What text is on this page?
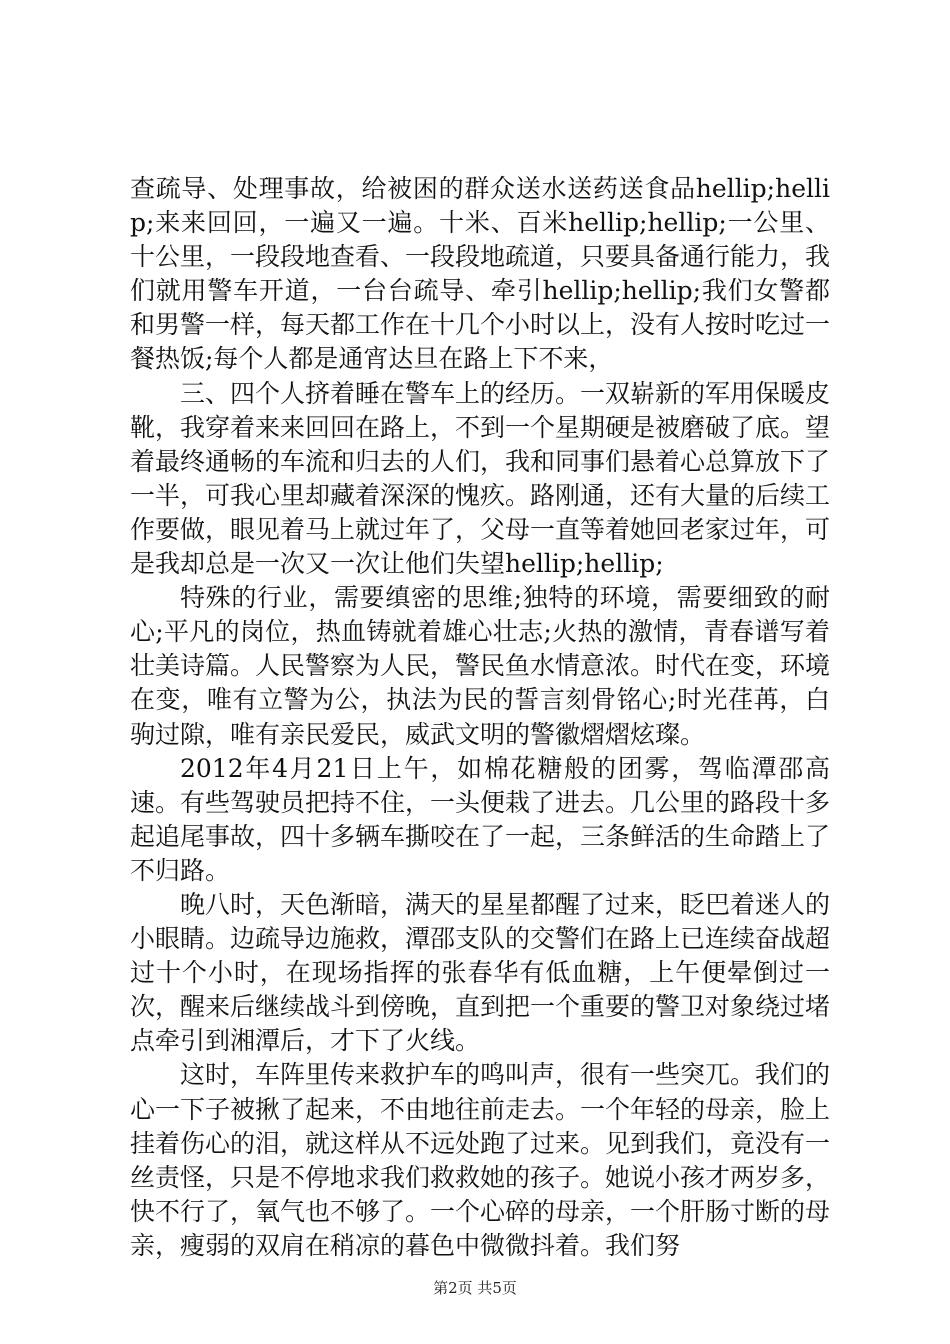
查疏导、处理事故，给被困的群众送水送药送食品hellip;hellip;来来回回，一遍又一遍。十米、百米hellip;hellip;一公里、十公里，一段段地查看、一段段地疏道，只要具备通行能力，我们就用警车开道，一台台疏导、牵引hellip;hellip;我们女警都和男警一样，每天都工作在十几个小时以上，没有人按时吃过一餐热饭;每个人都是通宵达旦在路上下不来，

三、四个人挤着睡在警车上的经历。一双崭新的军用保暖皮靴，我穿着来来回回在路上，不到一个星期硬是被磨破了底。望着最终通畅的车流和归去的人们，我和同事们悬着心总算放下了一半，可我心里却藏着深深的愧疚。路刚通，还有大量的后续工作要做，眼见着马上就过年了，父母一直等着她回老家过年，可是我却总是一次又一次让他们失望hellip;hellip;

特殊的行业，需要缜密的思维;独特的环境，需要细致的耐心;平凡的岗位，热血铸就着雄心壮志;火热的激情，青春谱写着壮美诗篇。人民警察为人民，警民鱼水情意浓。时代在变，环境在变，唯有立警为公，执法为民的誓言刻骨铭心;时光荏苒，白驹过隙，唯有亲民爱民，威武文明的警徽熠熠炫璨。

2012年4月21日上午，如棉花糖般的团雾，驾临潭邵高速。有些驾驶员把持不住，一头便栽了进去。几公里的路段十多起追尾事故，四十多辆车撕咬在了一起，三条鲜活的生命踏上了不归路。

晚八时，天色渐暗，满天的星星都醒了过来，眨巴着迷人的小眼睛。边疏导边施救，潭邵支队的交警们在路上已连续奋战超过十个小时，在现场指挥的张春华有低血糖，上午便晕倒过一次，醒来后继续战斗到傍晚，直到把一个重要的警卫对象绕过堵点牵引到湘潭后，才下了火线。

这时，车阵里传来救护车的鸣叫声，很有一些突兀。我们的心一下子被揪了起来，不由地往前走去。一个年轻的母亲，脸上挂着伤心的泪，就这样从不远处跑了过来。见到我们，竟没有一丝责怪，只是不停地求我们救救她的孩子。她说小孩才两岁多，快不行了，氧气也不够了。一个心碎的母亲，一个肝肠寸断的母亲，瘦弱的双肩在稍凉的暮色中微微抖着。我们努

第2页 共5页
